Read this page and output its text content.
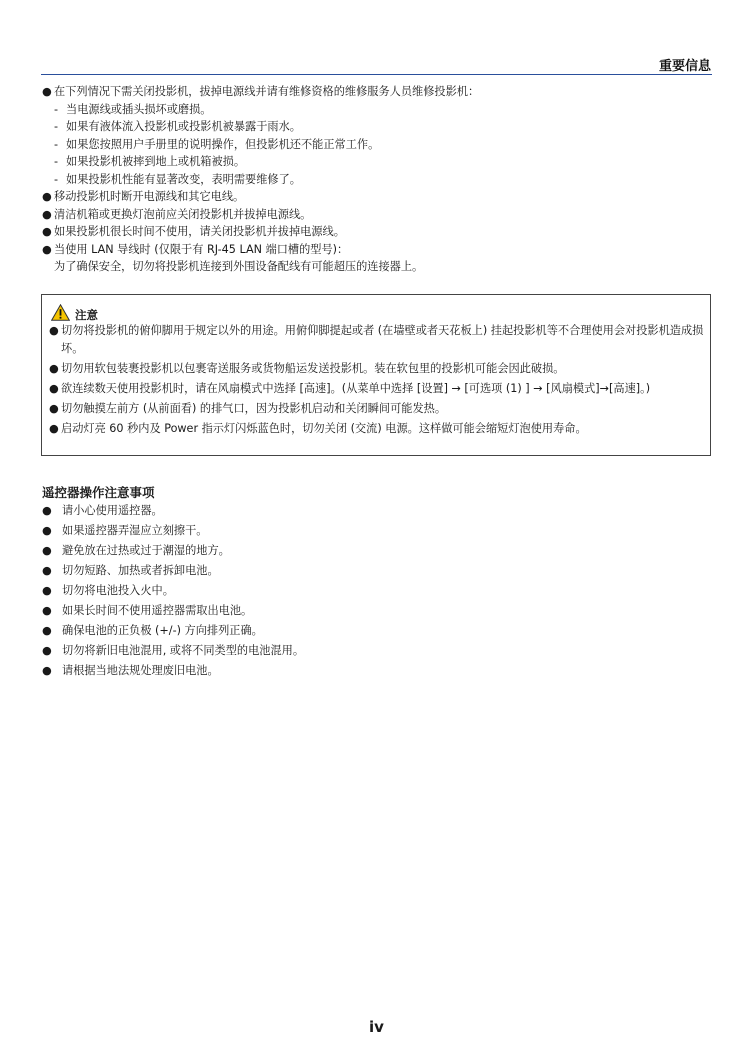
重要信息
● 在下列情况下需关闭投影机，拔掉电源线并请有维修资格的维修服务人员维修投影机：
- 当电源线或插头损坏或磨损。
- 如果有液体流入投影机或投影机被暴露于雨水。
- 如果您按照用户手册里的说明操作，但投影机还不能正常工作。
- 如果投影机被摔到地上或机箱被损。
- 如果投影机性能有显著改变，表明需要维修了。
● 移动投影机时断开电源线和其它电线。
● 清洁机箱或更换灯泡前应关闭投影机并拔掉电源线。
● 如果投影机很长时间不使用，请关闭投影机并拔掉电源线。
● 当使用 LAN 导线时 (仅限于有 RJ-45 LAN 端口槽的型号)：
为了确保安全，切勿将投影机连接到外围设备配线有可能超压的连接器上。
注意
● 切勿将投影机的俯仰脚用于规定以外的用途。用俯仰脚提起或者 (在墙壁或者天花板上) 挂起投影机等不合理使用会对投影机造成损坏。
● 切勿用软包装裹投影机以包裹寄送服务或货物船运发送投影机。装在软包里的投影机可能会因此破损。
● 欲连续数天使用投影机时，请在风扇模式中选择 [高速]。(从菜单中选择 [设置] → [可选项 (1) ] → [风扇模式]→[高速]。)
● 切勿触摸左前方 (从前面看) 的排气口，因为投影机启动和关闭瞬间可能发热。
● 启动灯亮 60 秒内及 Power 指示灯闪烁蓝色时，切勿关闭 (交流) 电源。这样做可能会缩短灯泡使用寿命。
遥控器操作注意事项
● 请小心使用遥控器。
● 如果遥控器弄湿应立刻擦干。
● 避免放在过热或过于潮湿的地方。
● 切勿短路、加热或者拆卸电池。
● 切勿将电池投入火中。
● 如果长时间不使用遥控器需取出电池。
● 确保电池的正负极 (+/-) 方向排列正确。
● 切勿将新旧电池混用, 或将不同类型的电池混用。
● 请根据当地法规处理废旧电池。
iv
